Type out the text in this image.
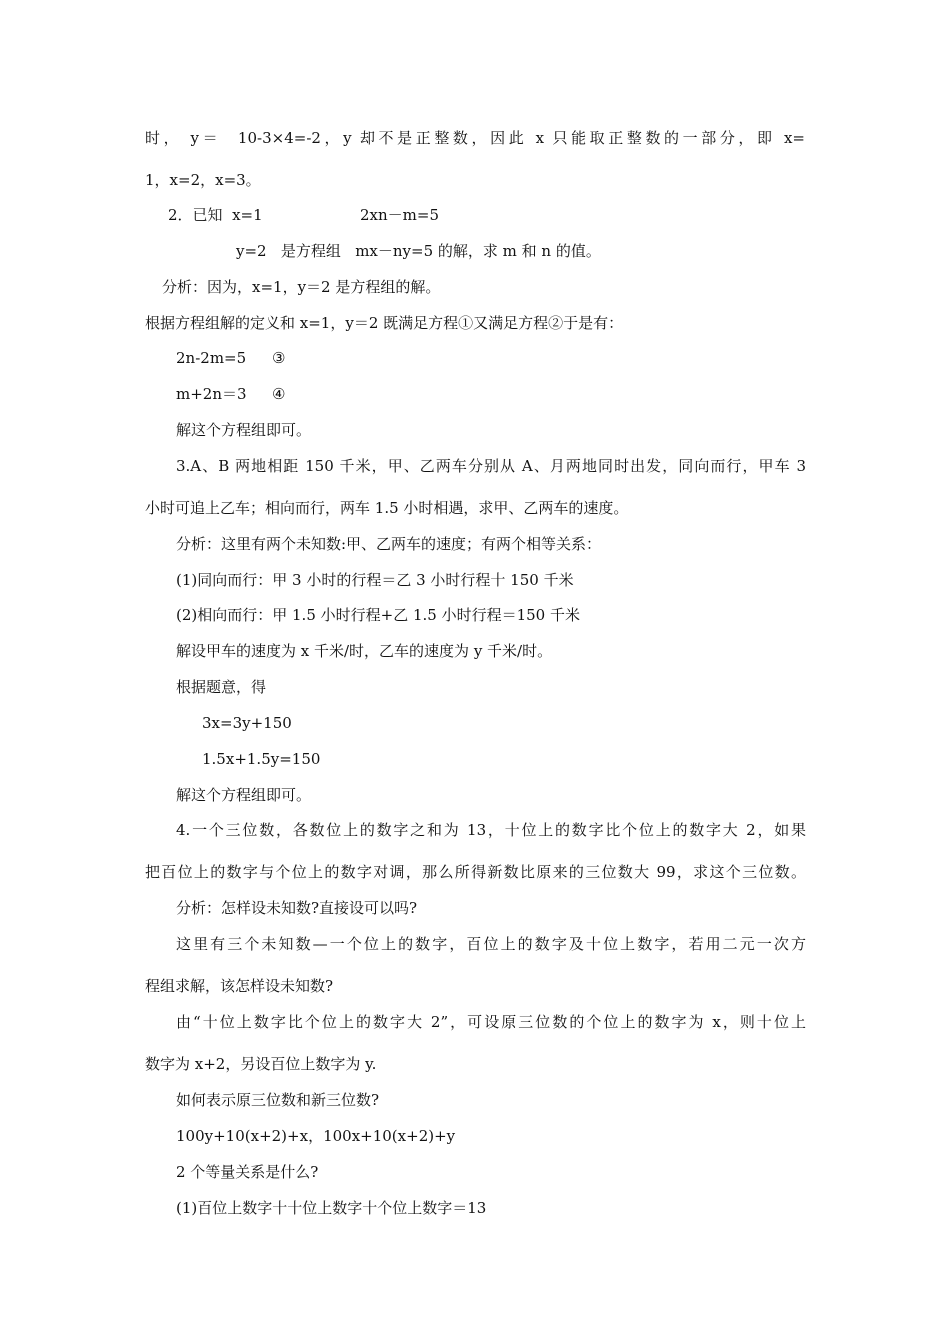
时， y＝  10-3×4=-2，y 却不是正整数，因此 x 只能取正整数的一部分，即 x=
1，x=2，x=3。
2．已知  x=1	2xn－m=5
y=2   是方程组   mx－ny=5 的解，求 m 和 n 的值。
分析：因为，x=1，y＝2 是方程组的解。
根据方程组解的定义和 x=1，y＝2 既满足方程①又满足方程②于是有：
2n-2m=5 ③
m+2n＝3 ④
解这个方程组即可。
3.A、B 两地相距 150 千米，甲、乙两车分别从 A、月两地同时出发，同向而行，甲车 3
小时可追上乙车；相向而行，两车 1.5 小时相遇，求甲、乙两车的速度。
分析：这里有两个未知数:甲、乙两车的速度；有两个相等关系：
(1)同向而行：甲 3 小时的行程＝乙 3 小时行程十 150 千米
(2)相向而行：甲 1.5 小时行程+乙 1.5 小时行程＝150 千米
解设甲车的速度为 x 千米/时，乙车的速度为 y 千米/时。
根据题意，得
3x=3y+150
1.5x+1.5y=150
解这个方程组即可。
4.一个三位数，各数位上的数字之和为 13，十位上的数字比个位上的数字大 2，如果
把百位上的数字与个位上的数字对调，那么所得新数比原来的三位数大 99，求这个三位数。
分析：怎样设未知数?直接设可以吗?
这里有三个未知数—一个位上的数字，百位上的数字及十位上数字，若用二元一次方
程组求解，该怎样设未知数?
由“十位上数字比个位上的数字大 2”，可设原三位数的个位上的数字为 x，则十位上
数字为 x+2，另设百位上数字为 y.
如何表示原三位数和新三位数?
100y+10(x+2)+x，100x+10(x+2)+y
2 个等量关系是什么?
(1)百位上数字十十位上数字十个位上数字＝13
